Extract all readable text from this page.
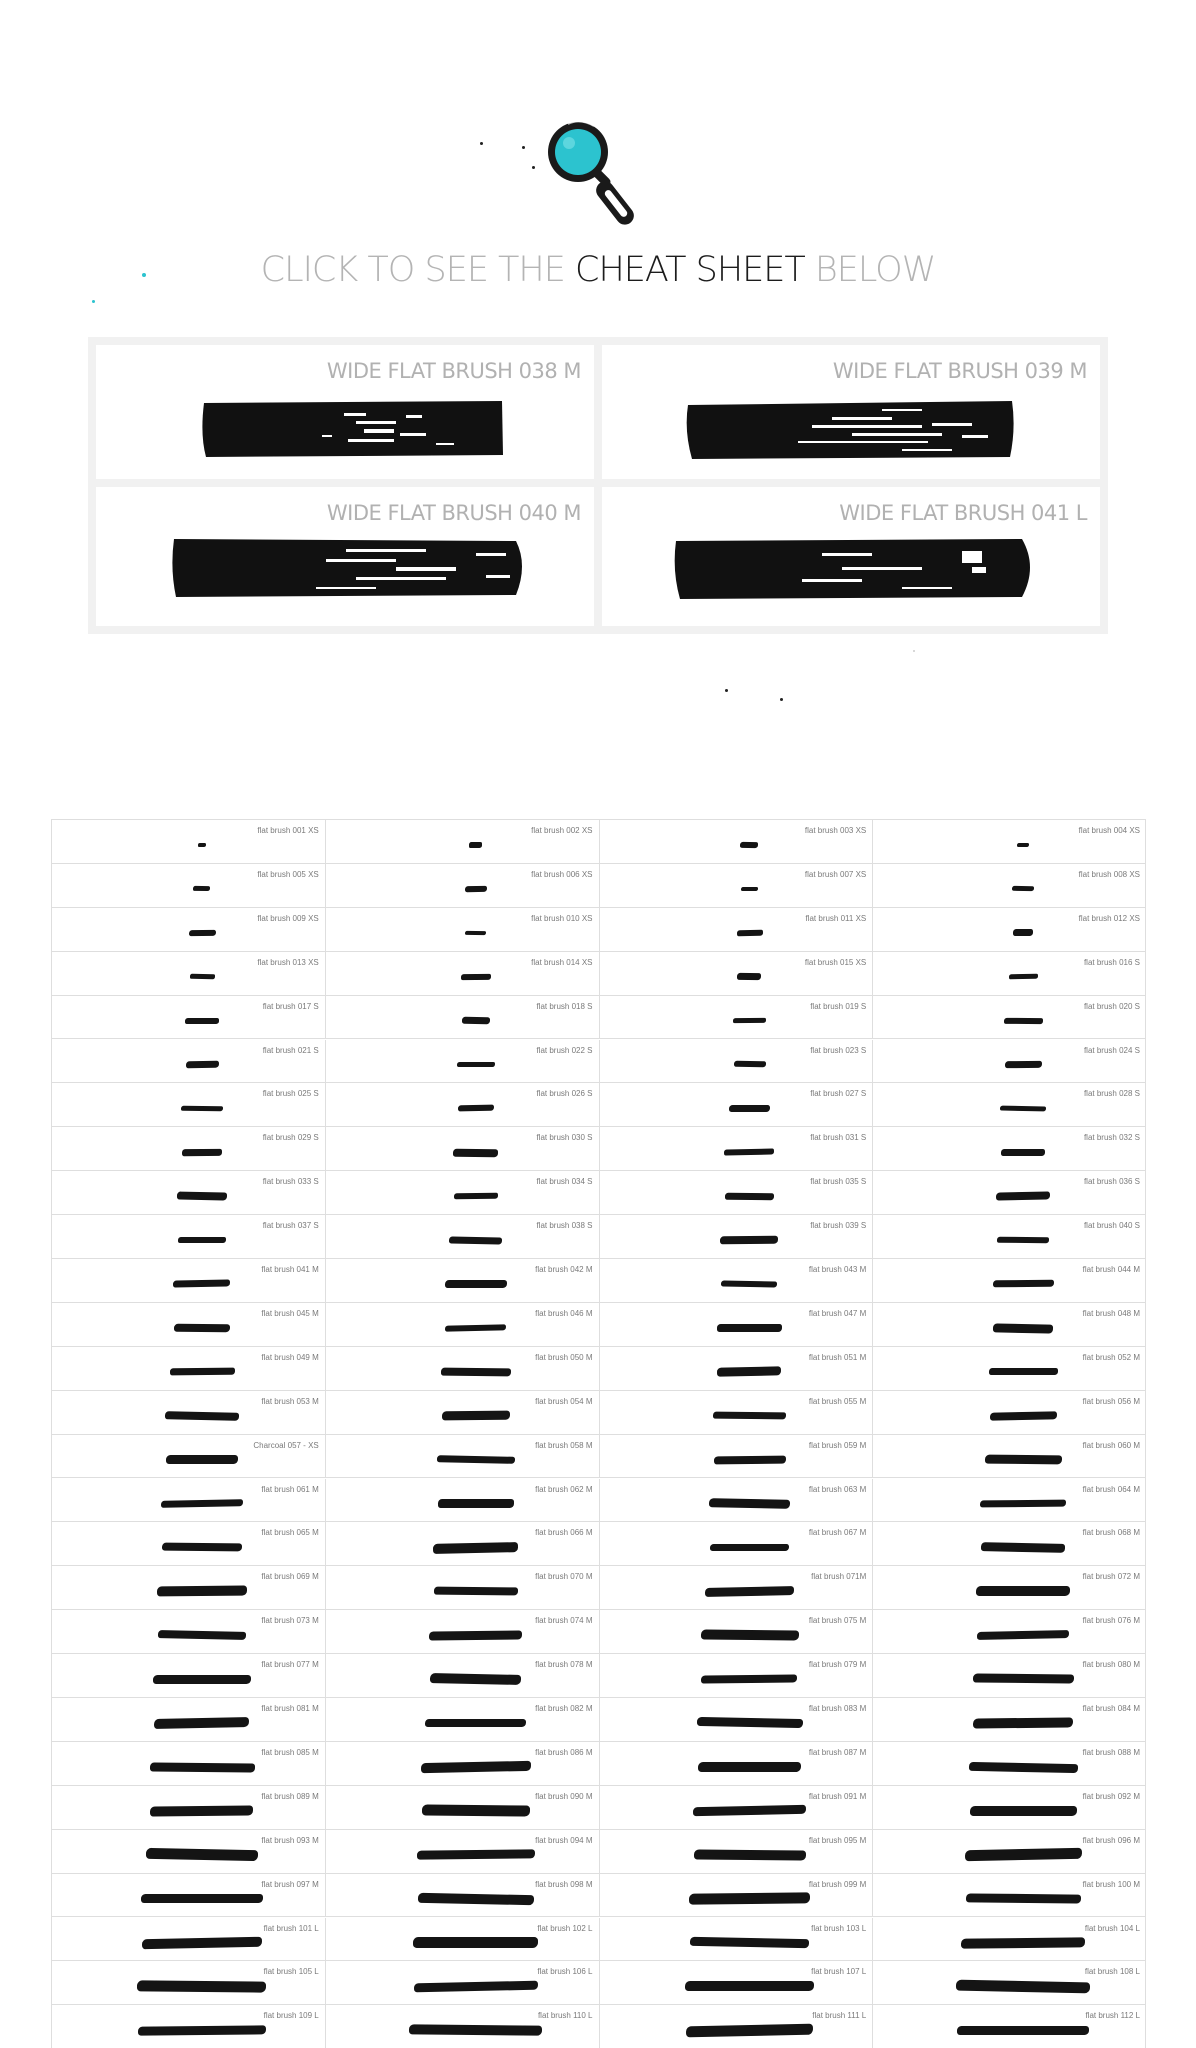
CLICK TO SEE THE CHEAT SHEET BELOW
WIDE FLAT BRUSH 038 M	WIDE FLAT BRUSH 039 M
WIDE FLAT BRUSH 040 M	WIDE FLAT BRUSH 041 L
flat brush 001 XS	flat brush 002 XS	flat brush 003 XS	flat brush 004 XS
flat brush 005 XS	flat brush 006 XS	flat brush 007 XS	flat brush 008 XS
flat brush 009 XS	flat brush 010 XS	flat brush 011 XS	flat brush 012 XS
flat brush 013 XS	flat brush 014 XS	flat brush 015 XS	flat brush 016 S
flat brush 017 S	flat brush 018 S	flat brush 019 S	flat brush 020 S
flat brush 021 S	flat brush 022 S	flat brush 023 S	flat brush 024 S
flat brush 025 S	flat brush 026 S	flat brush 027 S	flat brush 028 S
flat brush 029 S	flat brush 030 S	flat brush 031 S	flat brush 032 S
flat brush 033 S	flat brush 034 S	flat brush 035 S	flat brush 036 S
flat brush 037 S	flat brush 038 S	flat brush 039 S	flat brush 040 S
flat brush 041 M	flat brush 042 M	flat brush 043 M	flat brush 044 M
flat brush 045 M	flat brush 046 M	flat brush 047 M	flat brush 048 M
flat brush 049 M	flat brush 050 M	flat brush 051 M	flat brush 052 M
flat brush 053 M	flat brush 054 M	flat brush 055 M	flat brush 056 M
Charcoal 057 - XS	flat brush 058 M	flat brush 059 M	flat brush 060 M
flat brush 061 M	flat brush 062 M	flat brush 063 M	flat brush 064 M
flat brush 065 M	flat brush 066 M	flat brush 067 M	flat brush 068 M
flat brush 069 M	flat brush 070 M	flat brush 071M	flat brush 072 M
flat brush 073 M	flat brush 074 M	flat brush 075 M	flat brush 076 M
flat brush 077 M	flat brush 078 M	flat brush 079 M	flat brush 080 M
flat brush 081 M	flat brush 082 M	flat brush 083 M	flat brush 084 M
flat brush 085 M	flat brush 086 M	flat brush 087 M	flat brush 088 M
flat brush 089 M	flat brush 090 M	flat brush 091 M	flat brush 092 M
flat brush 093 M	flat brush 094 M	flat brush 095 M	flat brush 096 M
flat brush 097 M	flat brush 098 M	flat brush 099 M	flat brush 100 M
flat brush 101 L	flat brush 102 L	flat brush 103 L	flat brush 104 L
flat brush 105 L	flat brush 106 L	flat brush 107 L	flat brush 108 L
flat brush 109 L	flat brush 110 L	flat brush 111 L	flat brush 112 L
